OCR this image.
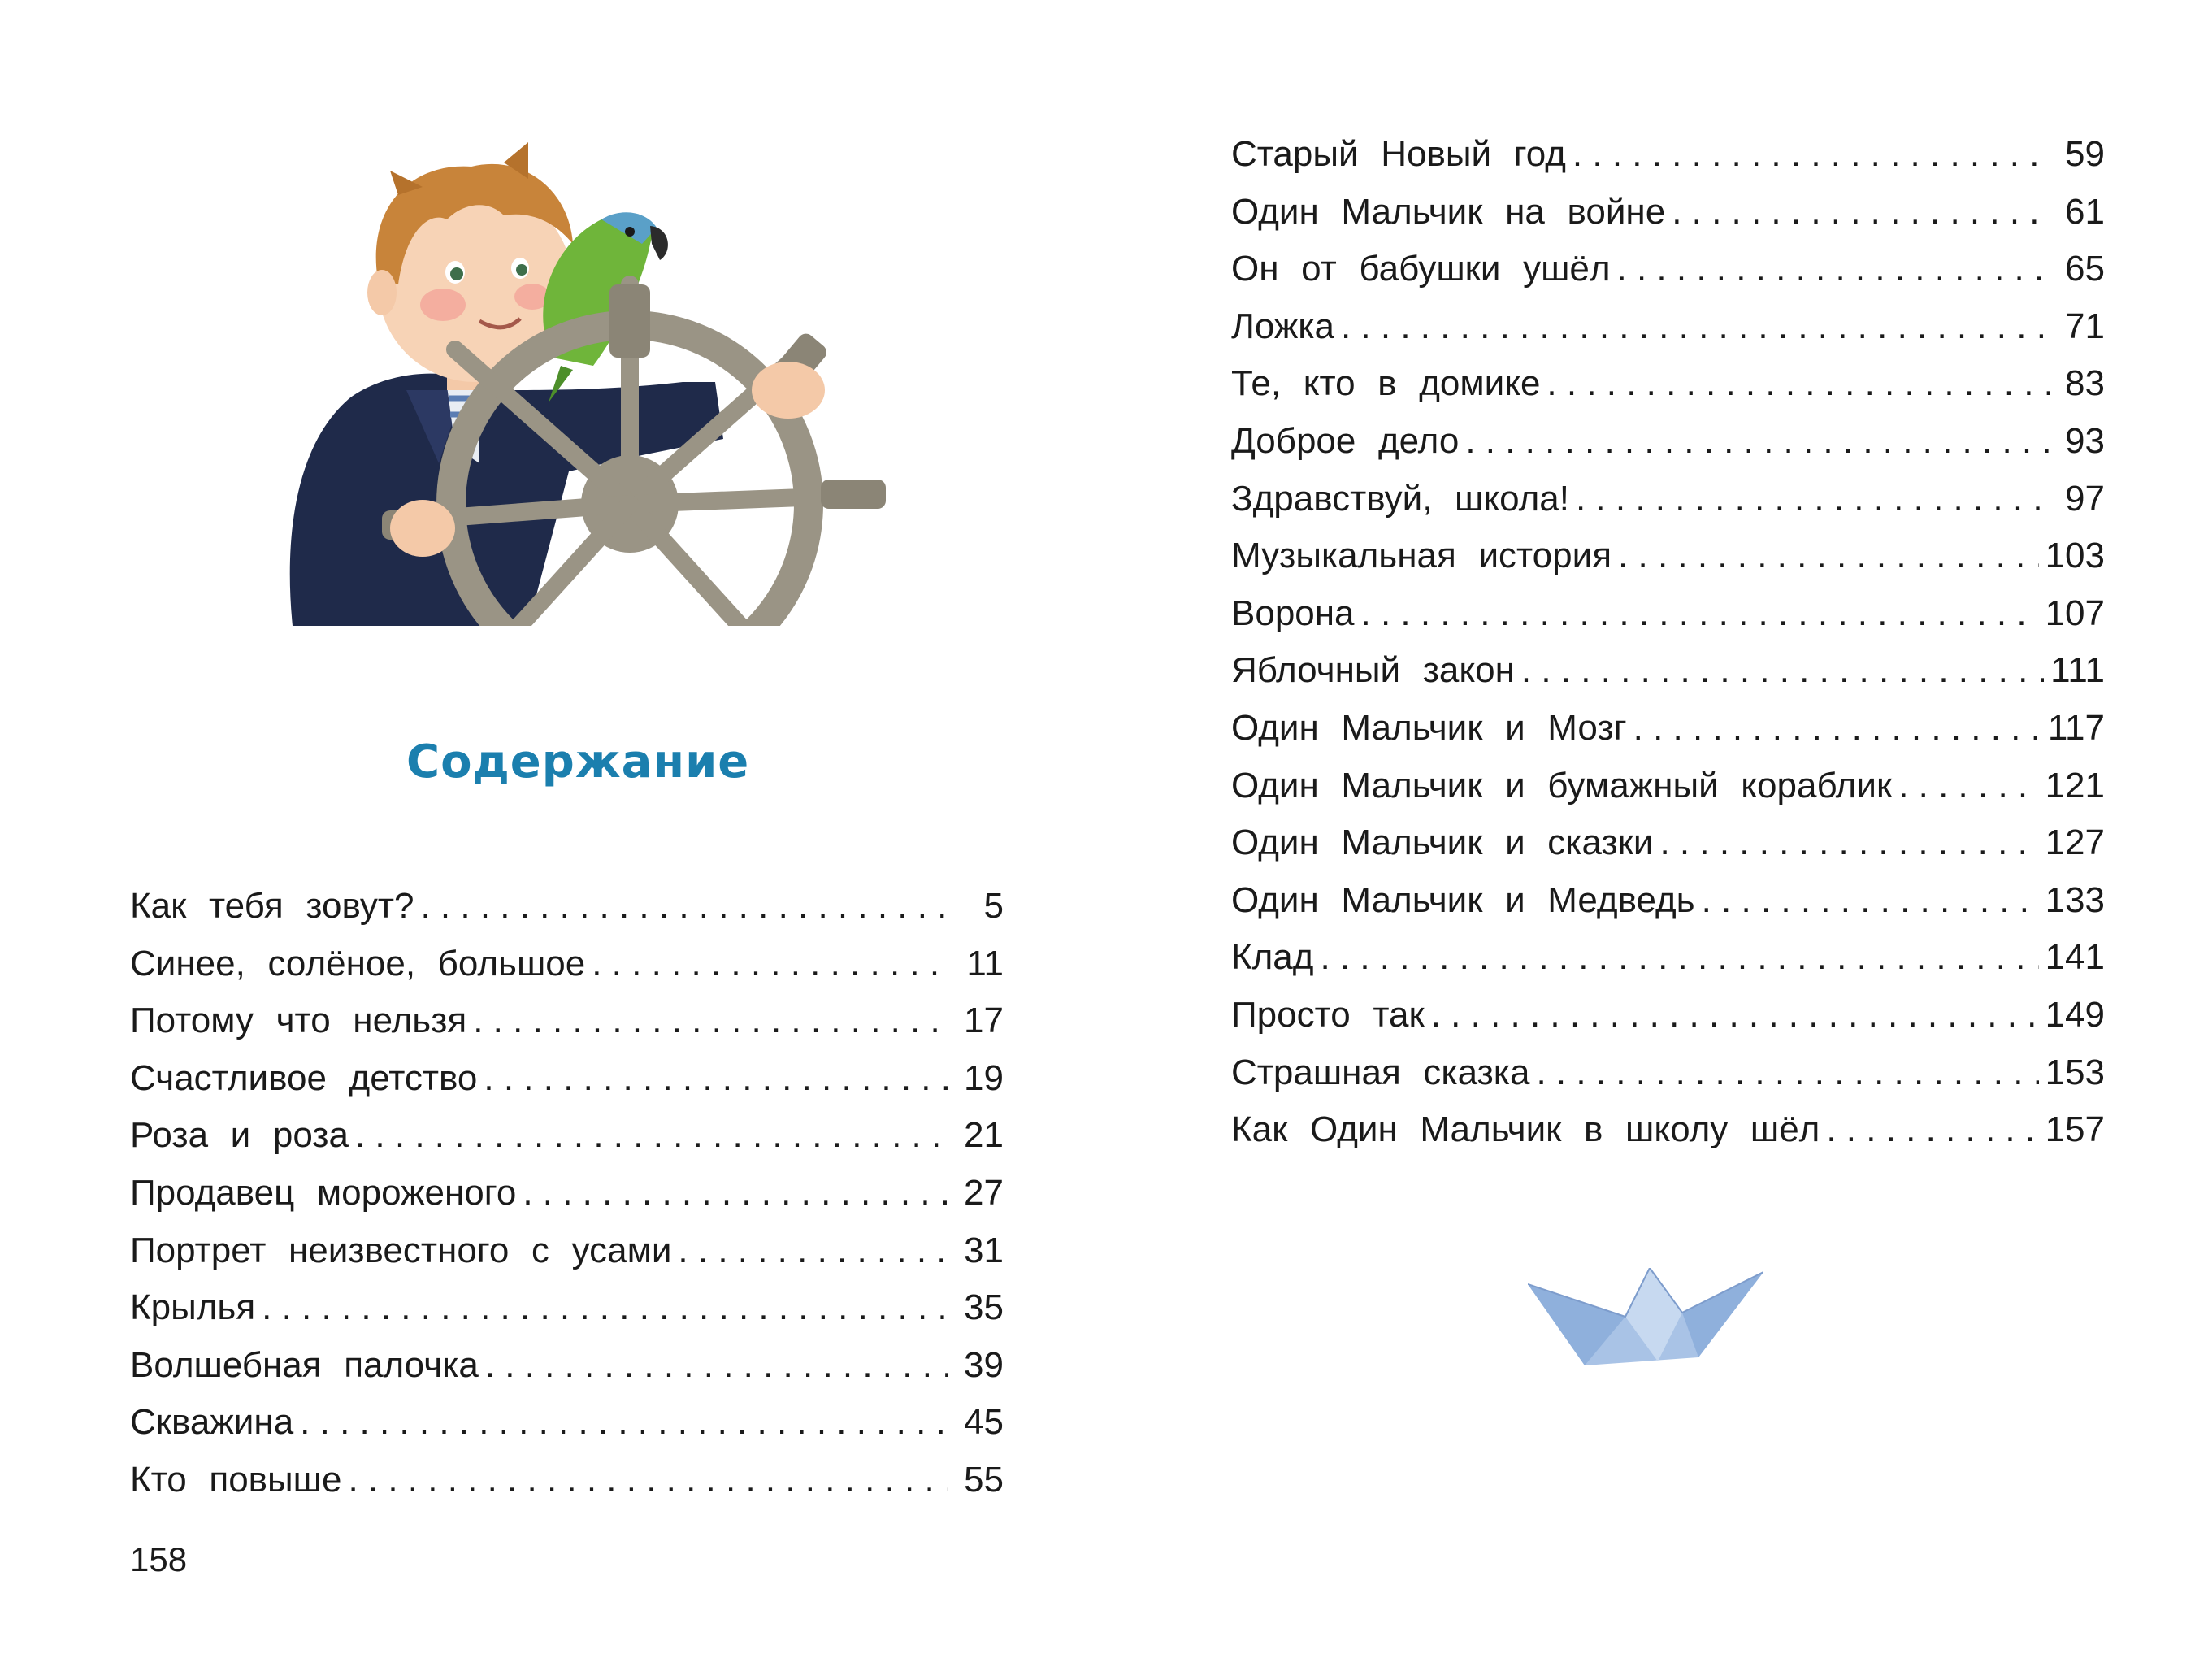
Содержание
Как тебя зовут? . . .	5
Синее, солёное, большое . . .	11
Потому что нельзя . . .	17
Счастливое детство . . .	19
Роза и роза . . .	21
Продавец мороженого . . .	27
Портрет неизвестного с усами . . .	31
Крылья . . .	35
Волшебная палочка . . .	39
Скважина . . .	45
Кто повыше . . .	55
Старый Новый год . . .	59
Один Мальчик на войне . . .	61
Он от бабушки ушёл . . .	65
Ложка . . .	71
Те, кто в домике . . .	83
Доброе дело . . .	93
Здравствуй, школа! . . .	97
Музыкальная история . . .	103
Ворона . . .	107
Яблочный закон . . .	111
Один Мальчик и Мозг . . .	117
Один Мальчик и бумажный кораблик . . .	121
Один Мальчик и сказки . . .	127
Один Мальчик и Медведь . . .	133
Клад . . .	141
Просто так . . .	149
Страшная сказка . . .	153
Как Один Мальчик в школу шёл . . .	157
158
